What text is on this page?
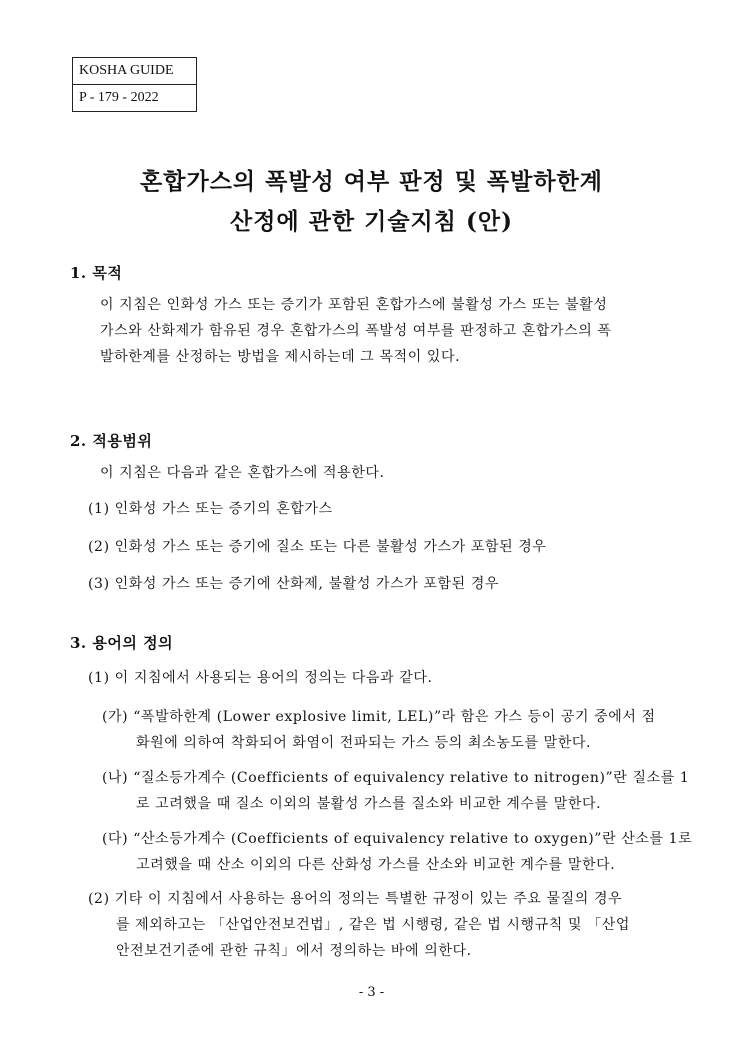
KOSHA GUIDE
P - 179 - 2022
혼합가스의 폭발성 여부 판정 및 폭발하한계
산정에 관한 기술지침 (안)
1. 목적
이 지침은 인화성 가스 또는 증기가 포함된 혼합가스에 불활성 가스 또는 불활성
가스와 산화제가 함유된 경우 혼합가스의 폭발성 여부를 판정하고 혼합가스의 폭
발하한계를 산정하는 방법을 제시하는데 그 목적이 있다.
2. 적용범위
이 지침은 다음과 같은 혼합가스에 적용한다.
(1) 인화성 가스 또는 증기의 혼합가스
(2) 인화성 가스 또는 증기에 질소 또는 다른 불활성 가스가 포함된 경우
(3) 인화성 가스 또는 증기에 산화제, 불활성 가스가 포함된 경우
3. 용어의 정의
(1) 이 지침에서 사용되는 용어의 정의는 다음과 같다.
(가) “폭발하한계 (Lower explosive limit, LEL)”라 함은 가스 등이 공기 중에서 점
화원에 의하여 착화되어 화염이 전파되는 가스 등의 최소농도를 말한다.
(나) “질소등가계수 (Coefficients of equivalency relative to nitrogen)”란 질소를 1
로 고려했을 때 질소 이외의 불활성 가스를 질소와 비교한 계수를 말한다.
(다) “산소등가계수 (Coefficients of equivalency relative to oxygen)”란 산소를 1로
고려했을 때 산소 이외의 다른 산화성 가스를 산소와 비교한 계수를 말한다.
(2) 기타 이 지침에서 사용하는 용어의 정의는 특별한 규정이 있는 주요 물질의 경우
를 제외하고는 「산업안전보건법」, 같은 법 시행령, 같은 법 시행규칙 및 「산업
안전보건기준에 관한 규칙」에서 정의하는 바에 의한다.
- 3 -
